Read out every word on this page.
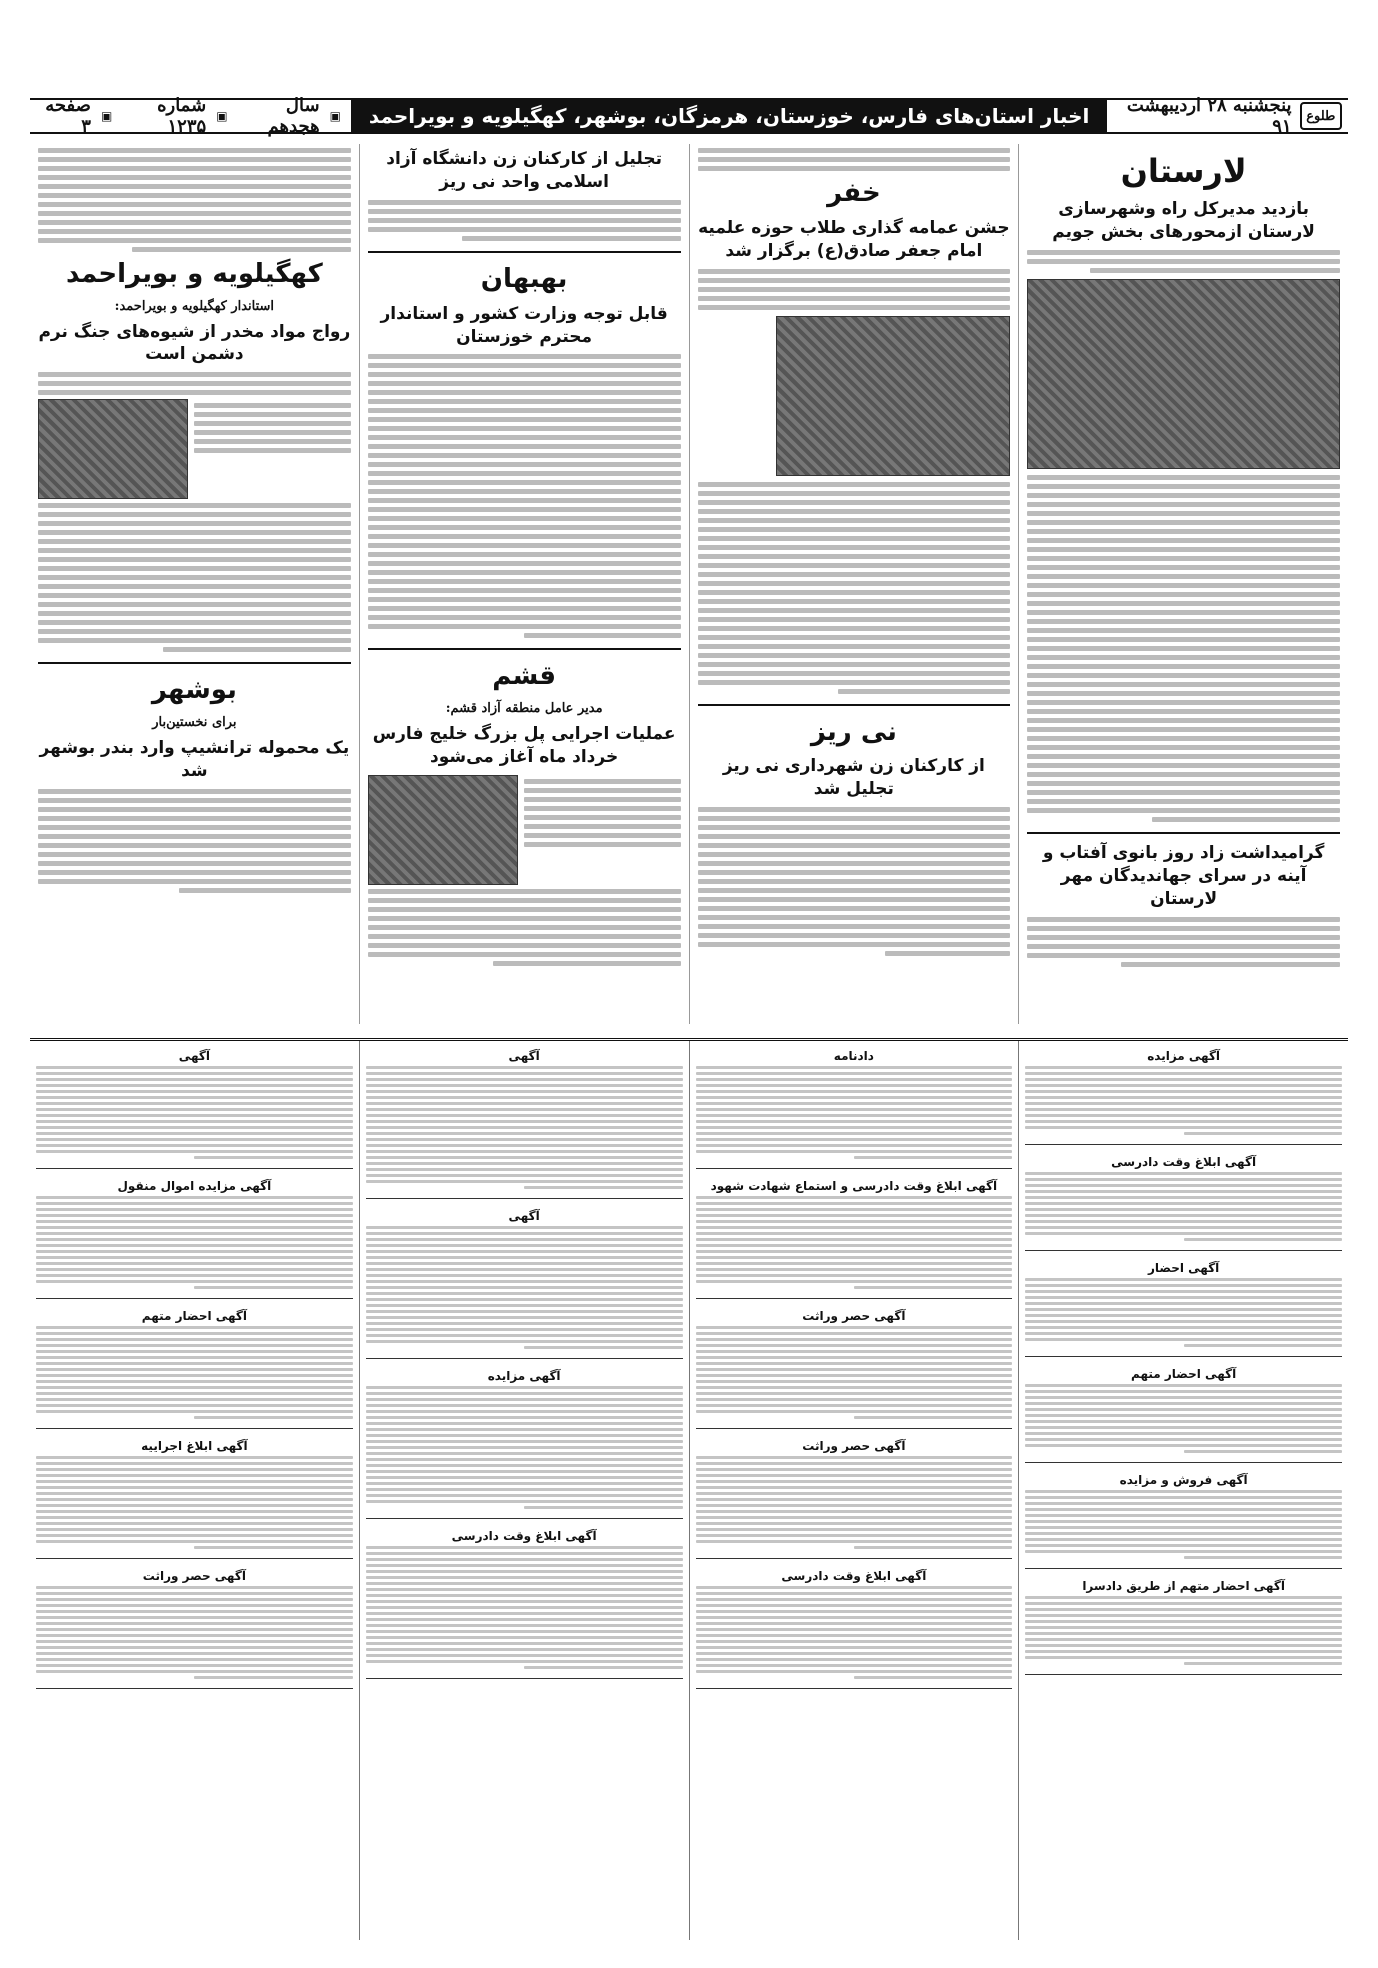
طلوع
پنجشنبه ۲۸ اردیبهشت ۹۱
اخبار استان‌های فارس، خوزستان، هرمزگان، بوشهر، کهگیلویه و بویراحمد
▣
سال هجدهم
▣
شماره ۱۲۳۵
▣
صفحه ۳
لارستان
بازدید مدیرکل راه وشهرسازی لارستان ازمحورهای بخش جویم
گرامیداشت زاد روز بانوی آفتاب و آینه در سرای جهاندیدگان مهر لارستان
خفر
جشن عمامه گذاری طلاب حوزه علمیه امام جعفر صادق(ع) برگزار شد
نی ریز
از کارکنان زن شهرداری نی ریز تجلیل شد
تجلیل از کارکنان زن دانشگاه آزاد اسلامی واحد نی ریز
بهبهان
قابل توجه وزارت کشور و استاندار محترم خوزستان
قشم
مدیر عامل منطقه آزاد قشم:
عملیات اجرایی پل بزرگ خلیج فارس خرداد ماه آغاز می‌شود
کهگیلویه و بویراحمد
استاندار کهگیلویه و بویراحمد:
رواج مواد مخدر از شیوه‌های جنگ نرم دشمن است
بوشهر
برای نخستین‌بار
یک محموله ترانشیپ وارد بندر بوشهر شد
آگهی مزایده
آگهی ابلاغ وقت دادرسی
آگهی احضار
آگهی احضار متهم
آگهی فروش و مزایده
آگهی احضار متهم از طریق دادسرا
دادنامه
آگهی ابلاغ وقت دادرسی و استماع شهادت شهود
آگهی حصر وراثت
آگهی حصر وراثت
آگهی ابلاغ وقت دادرسی
آگهی
آگهی
آگهی مزایده
آگهی ابلاغ وقت دادرسی
آگهی
آگهی مزایده اموال منقول
آگهی احضار متهم
آگهی ابلاغ اجراییه
آگهی حصر وراثت
